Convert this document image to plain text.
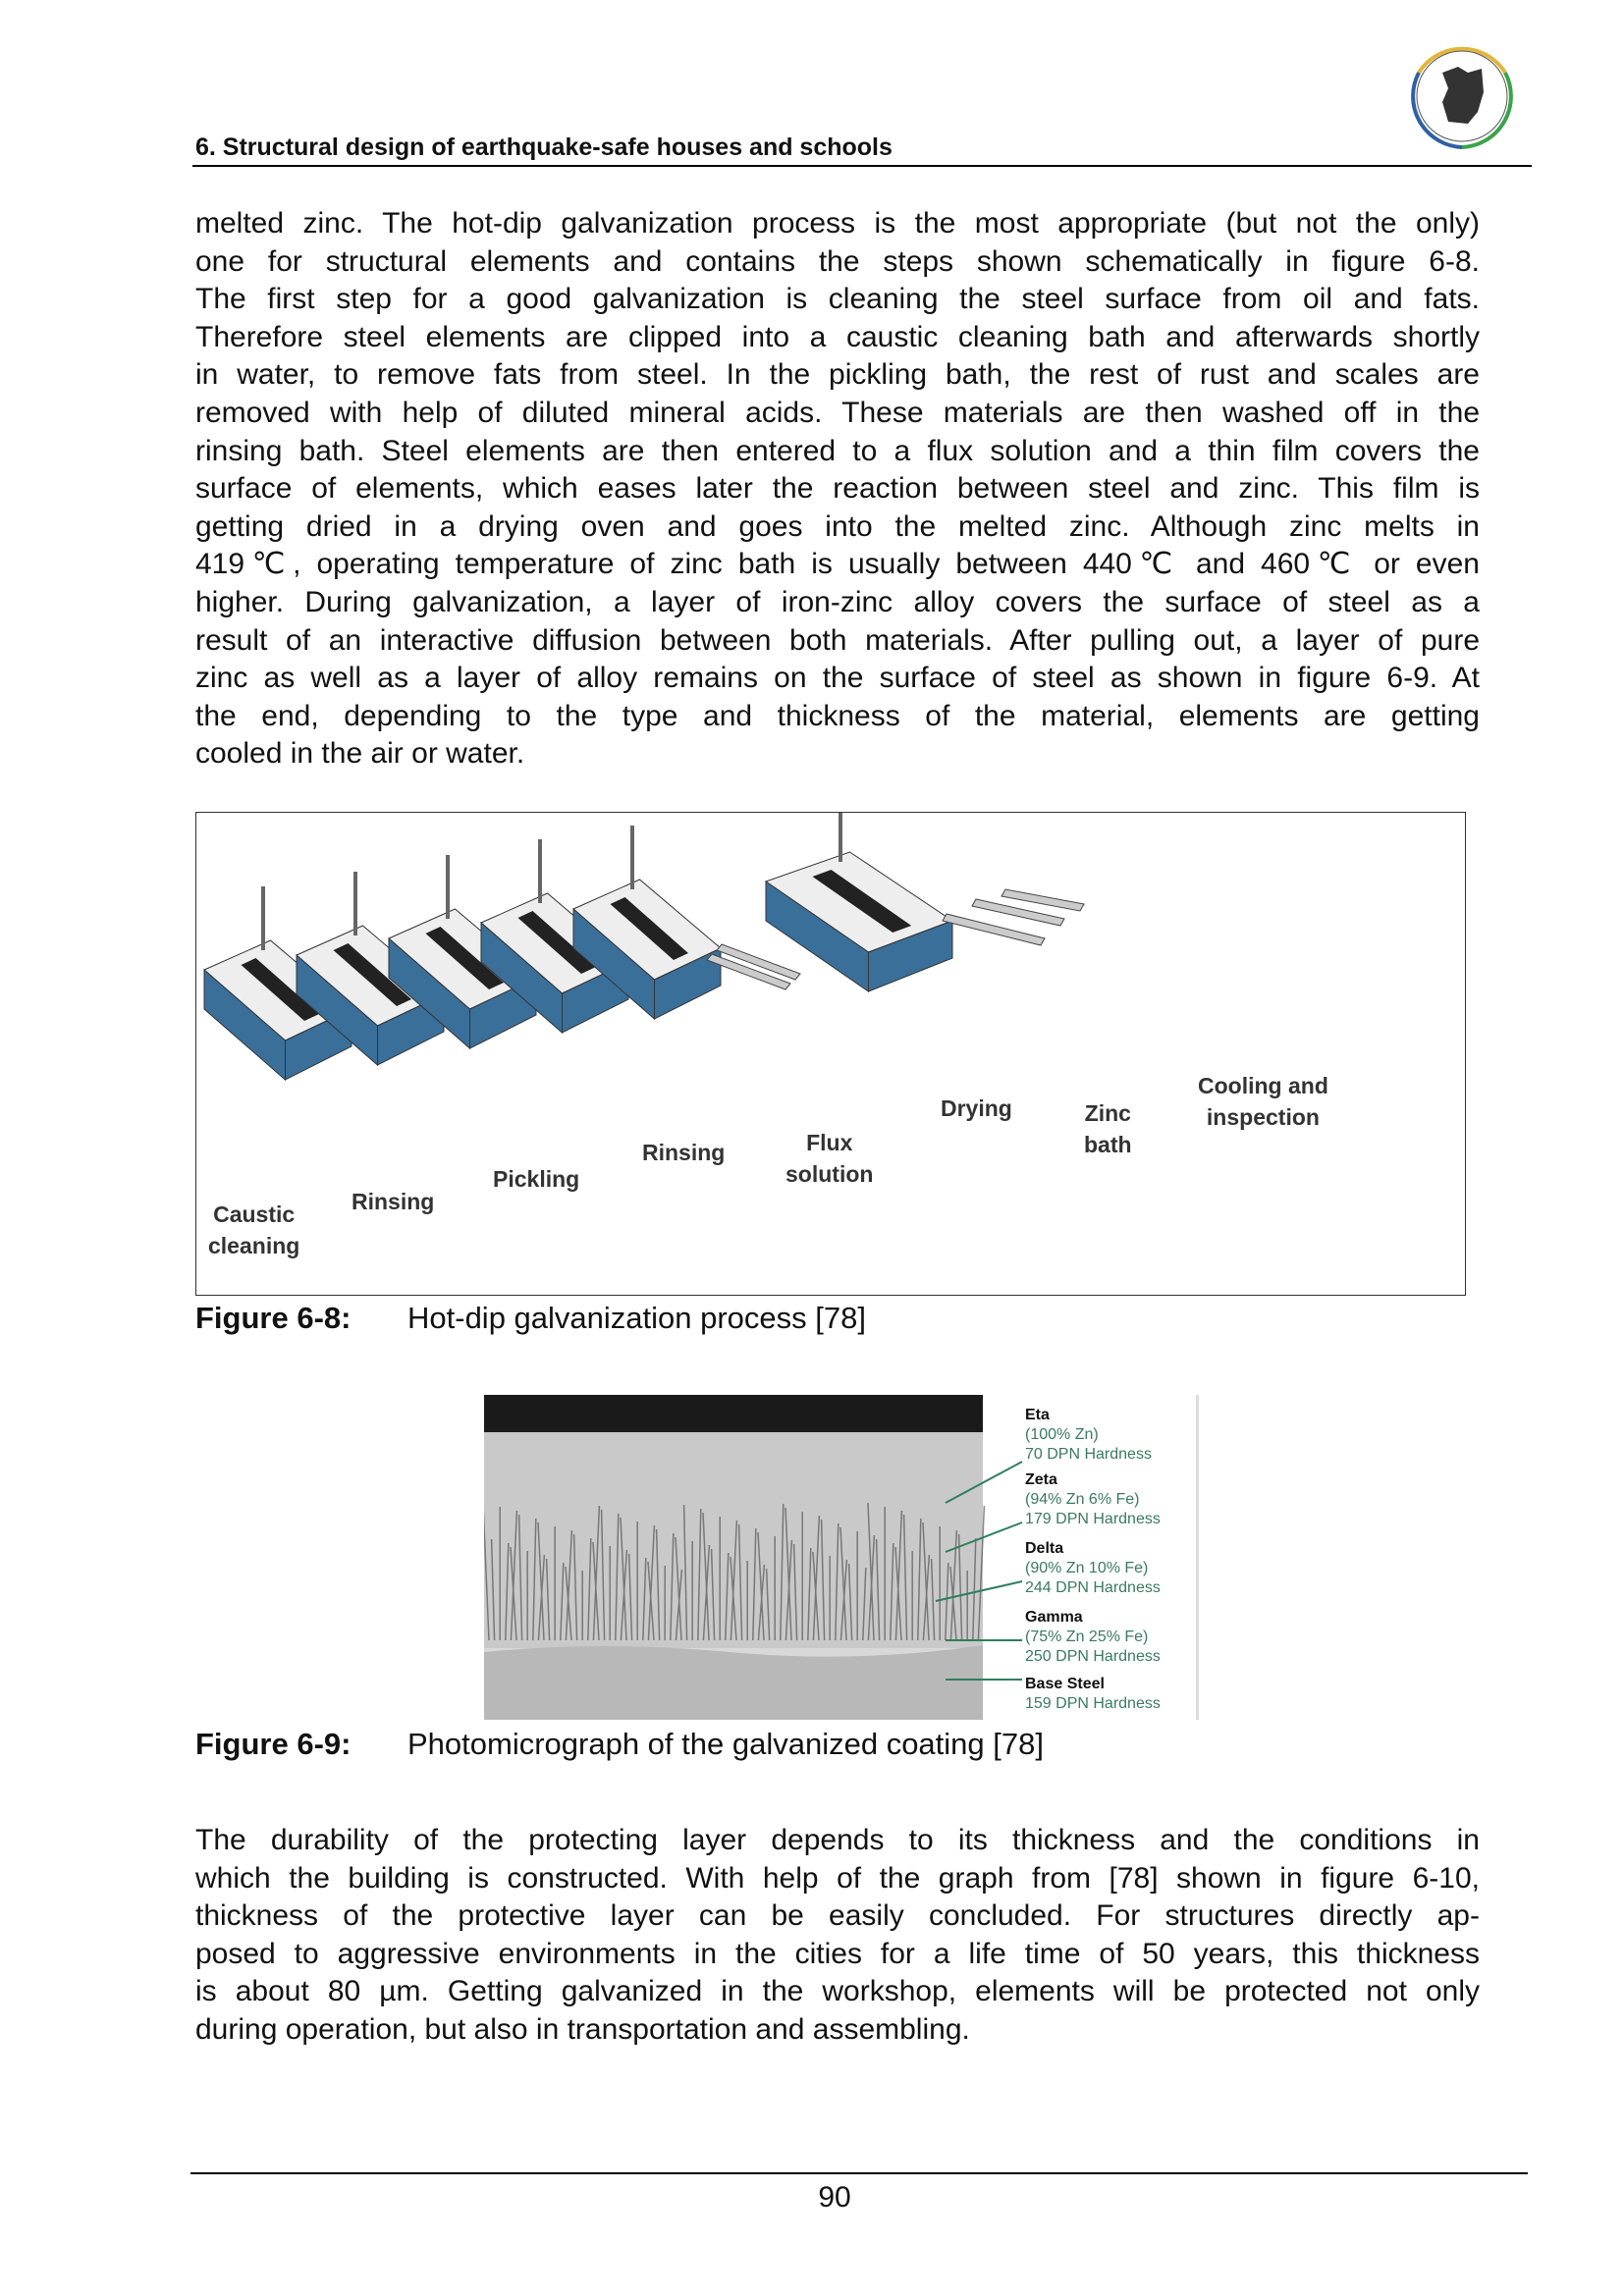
6. Structural design of earthquake-safe houses and schools
melted zinc. The hot-dip galvanization process is the most appropriate (but not the only)
one for structural elements and contains the steps shown schematically in figure 6-8.
The first step for a good galvanization is cleaning the steel surface from oil and fats.
Therefore steel elements are clipped into a caustic cleaning bath and afterwards shortly
in water, to remove fats from steel. In the pickling bath, the rest of rust and scales are
removed with help of diluted mineral acids. These materials are then washed off in the
rinsing bath. Steel elements are then entered to a flux solution and a thin film covers the
surface of elements, which eases later the reaction between steel and zinc. This film is
getting dried in a drying oven and goes into the melted zinc. Although zinc melts in
419℃, operating temperature of zinc bath is usually between 440℃ and 460℃ or even
higher. During galvanization, a layer of iron-zinc alloy covers the surface of steel as a
result of an interactive diffusion between both materials. After pulling out, a layer of pure
zinc as well as a layer of alloy remains on the surface of steel as shown in figure 6-9. At
the end, depending to the type and thickness of the material, elements are getting
cooled in the air or water.
Caustic
cleaning
Rinsing
Pickling
Rinsing	Flux
solution
Drying	Zinc
bath
Cooling and
inspection
Figure 6-8: Hot-dip galvanization process [78]
Eta
(100% Zn)
70 DPN Hardness
Zeta
(94% Zn 6% Fe)
179 DPN Hardness
Delta
(90% Zn 10% Fe)
244 DPN Hardness
Gamma
(75% Zn 25% Fe)
250 DPN Hardness
Base Steel
159 DPN Hardness
Figure 6-9: Photomicrograph of the galvanized coating [78]
The durability of the protecting layer depends to its thickness and the conditions in
which the building is constructed. With help of the graph from [78] shown in figure 6-10,
thickness of the protective layer can be easily concluded. For structures directly ap-
posed to aggressive environments in the cities for a life time of 50 years, this thickness
is about 80 µm. Getting galvanized in the workshop, elements will be protected not only
during operation, but also in transportation and assembling.
90
